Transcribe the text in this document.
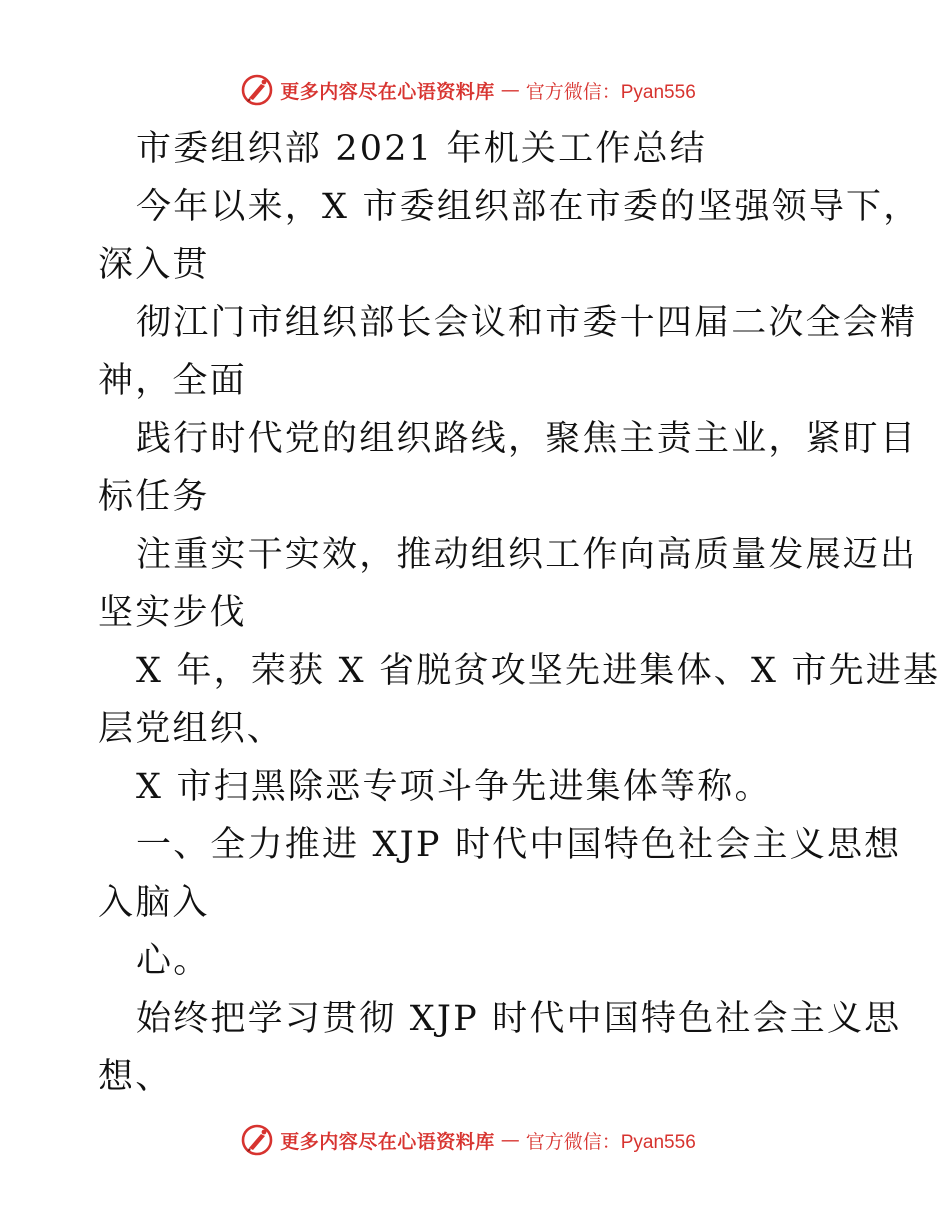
更多内容尽在心语资料库 — 官方微信：Pyan556
市委组织部 2021 年机关工作总结
今年以来，X 市委组织部在市委的坚强领导下，
深入贯
彻江门市组织部长会议和市委十四届二次全会精
神，全面
践行时代党的组织路线，聚焦主责主业，紧盯目
标任务
注重实干实效，推动组织工作向高质量发展迈出
坚实步伐
X 年，荣获 X 省脱贫攻坚先进集体、X 市先进基
层党组织、
X 市扫黑除恶专项斗争先进集体等称。
一、全力推进 XJP 时代中国特色社会主义思想
入脑入
心。
始终把学习贯彻 XJP 时代中国特色社会主义思
想、
更多内容尽在心语资料库 — 官方微信：Pyan556
